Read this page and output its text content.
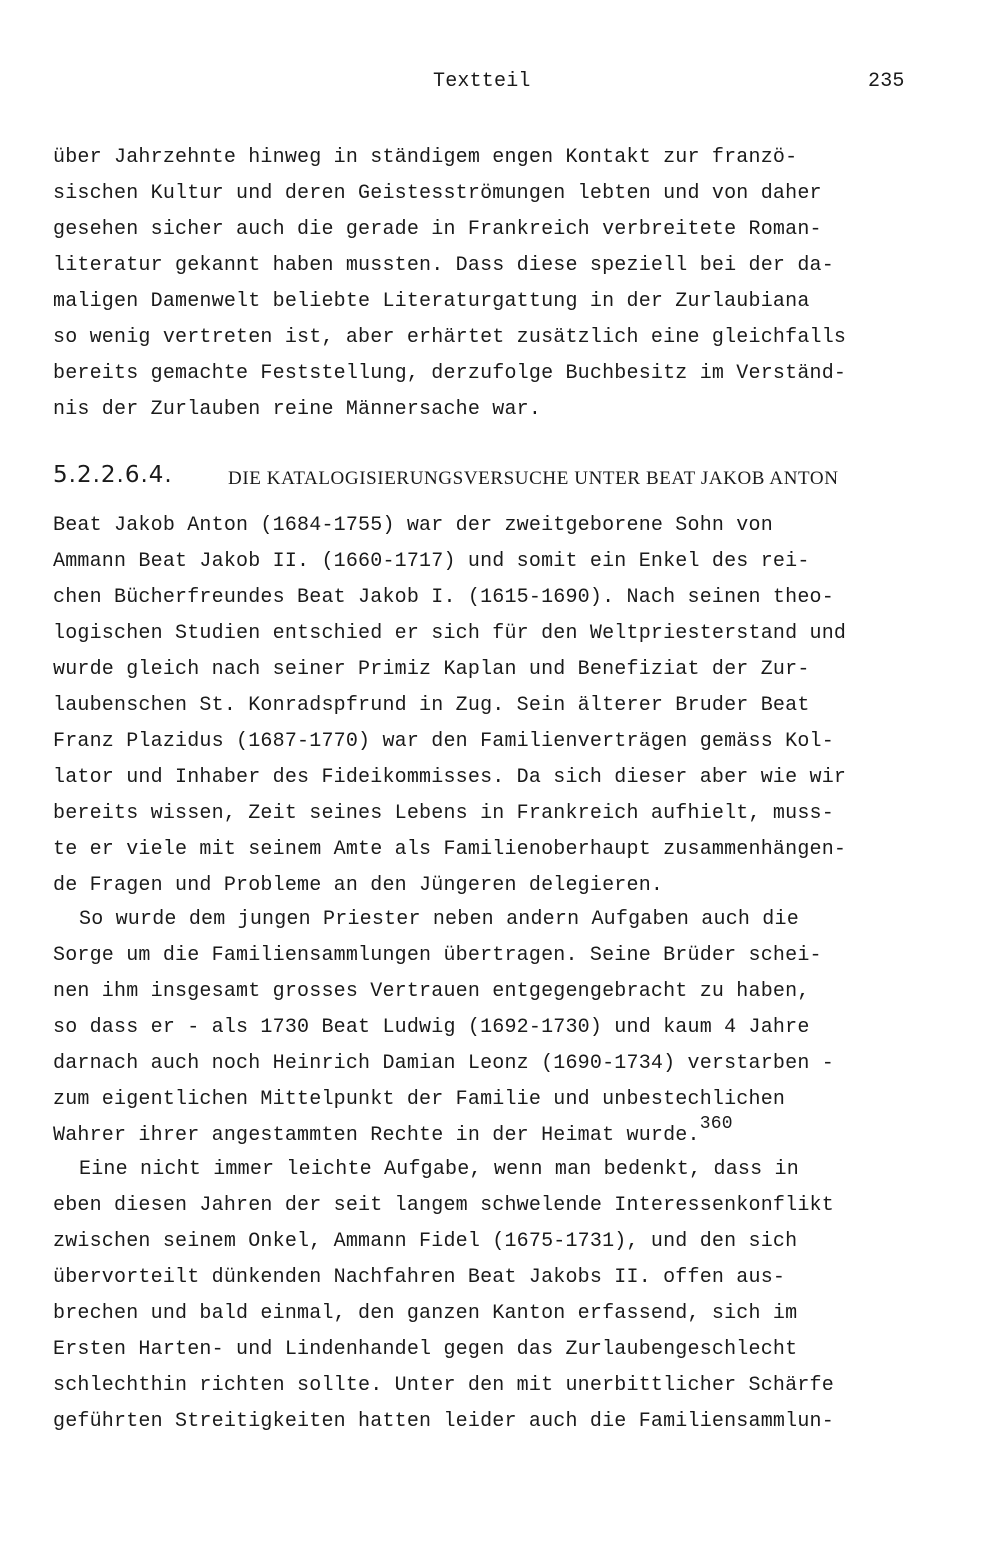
Textteil	235
über Jahrzehnte hinweg in ständigem engen Kontakt zur franzö-
sischen Kultur und deren Geistesströmungen lebten und von daher
gesehen sicher auch die gerade in Frankreich verbreitete Roman-
literatur gekannt haben mussten. Dass diese speziell bei der da-
maligen Damenwelt beliebte Literaturgattung in der Zurlaubiana
so wenig vertreten ist, aber erhärtet zusätzlich eine gleichfalls
bereits gemachte Feststellung, derzufolge Buchbesitz im Verständ-
nis der Zurlauben reine Männersache war.
5.2.2.6.4.	DIE KATALOGISIERUNGSVERSUCHE UNTER BEAT JAKOB ANTON
Beat Jakob Anton (1684-1755) war der zweitgeborene Sohn von
Ammann Beat Jakob II. (1660-1717) und somit ein Enkel des rei-
chen Bücherfreundes Beat Jakob I. (1615-1690). Nach seinen theo-
logischen Studien entschied er sich für den Weltpriesterstand und
wurde gleich nach seiner Primiz Kaplan und Benefiziat der Zur-
laubenschen St. Konradspfrund in Zug. Sein älterer Bruder Beat
Franz Plazidus (1687-1770) war den Familienverträgen gemäss Kol-
lator und Inhaber des Fideikommisses. Da sich dieser aber wie wir
bereits wissen, Zeit seines Lebens in Frankreich aufhielt, muss-
te er viele mit seinem Amte als Familienoberhaupt zusammenhängen-
de Fragen und Probleme an den Jüngeren delegieren.
So wurde dem jungen Priester neben andern Aufgaben auch die
Sorge um die Familiensammlungen übertragen. Seine Brüder schei-
nen ihm insgesamt grosses Vertrauen entgegengebracht zu haben,
so dass er - als 1730 Beat Ludwig (1692-1730) und kaum 4 Jahre
darnach auch noch Heinrich Damian Leonz (1690-1734) verstarben -
zum eigentlichen Mittelpunkt der Familie und unbestechlichen
Wahrer ihrer angestammten Rechte in der Heimat wurde.$^{360}$
Eine nicht immer leichte Aufgabe, wenn man bedenkt, dass in
eben diesen Jahren der seit langem schwelende Interessenkonflikt
zwischen seinem Onkel, Ammann Fidel (1675-1731), und den sich
übervorteilt dünkenden Nachfahren Beat Jakobs II. offen aus-
brechen und bald einmal, den ganzen Kanton erfassend, sich im
Ersten Harten- und Lindenhandel gegen das Zurlaubengeschlecht
schlechthin richten sollte. Unter den mit unerbittlicher Schärfe
geführten Streitigkeiten hatten leider auch die Familiensammlun-
